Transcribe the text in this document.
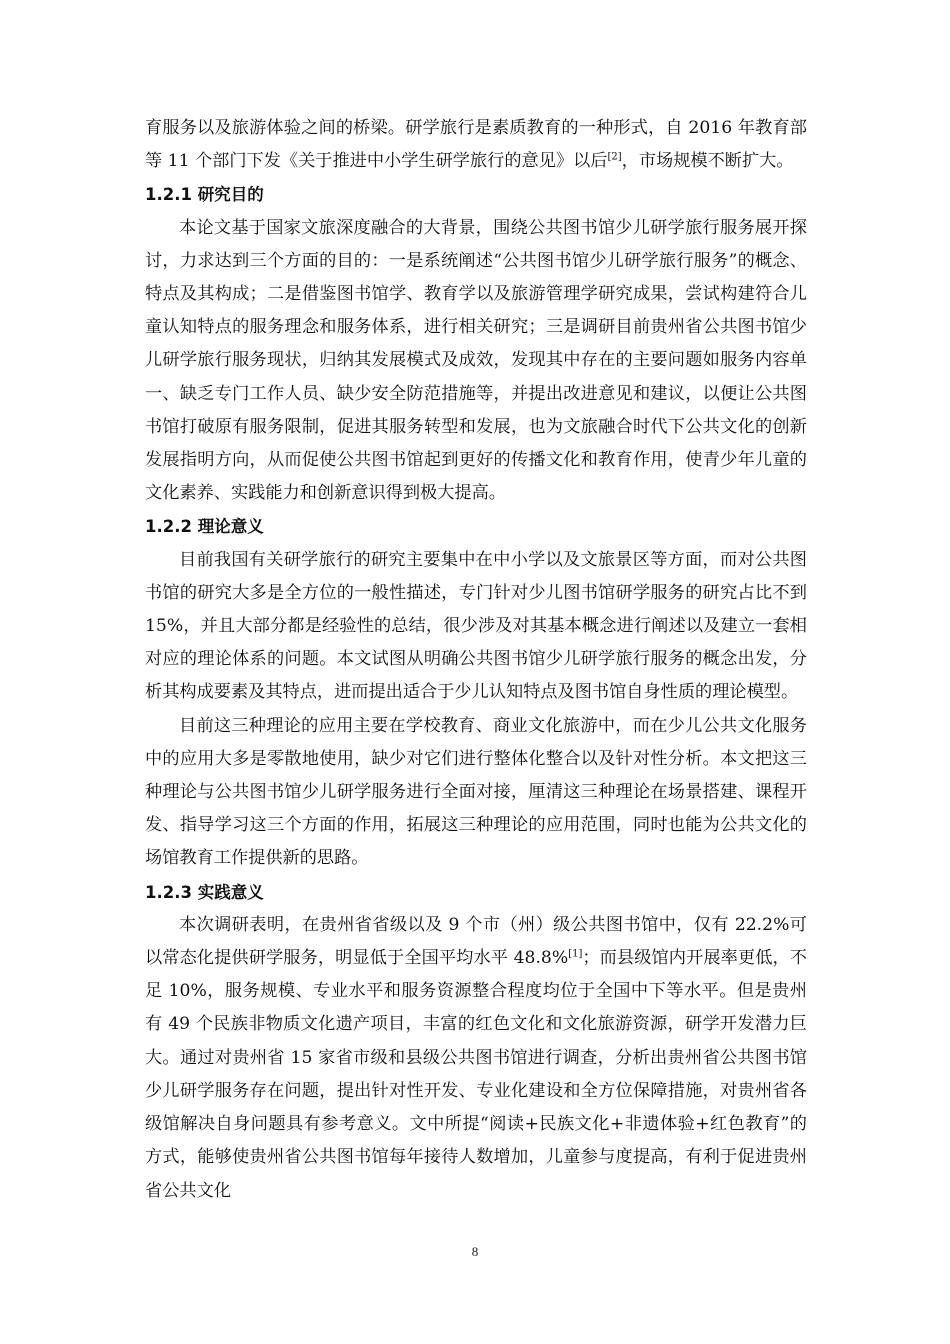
育服务以及旅游体验之间的桥梁。研学旅行是素质教育的一种形式，自 2016 年教育部等 11 个部门下发《关于推进中小学生研学旅行的意见》以后[2]，市场规模不断扩大。

1.2.1 研究目的

本论文基于国家文旅深度融合的大背景，围绕公共图书馆少儿研学旅行服务展开探讨，力求达到三个方面的目的：一是系统阐述“公共图书馆少儿研学旅行服务”的概念、特点及其构成；二是借鉴图书馆学、教育学以及旅游管理学研究成果，尝试构建符合儿童认知特点的服务理念和服务体系，进行相关研究；三是调研目前贵州省公共图书馆少儿研学旅行服务现状，归纳其发展模式及成效，发现其中存在的主要问题如服务内容单一、缺乏专门工作人员、缺少安全防范措施等，并提出改进意见和建议，以便让公共图书馆打破原有服务限制，促进其服务转型和发展，也为文旅融合时代下公共文化的创新发展指明方向，从而促使公共图书馆起到更好的传播文化和教育作用，使青少年儿童的文化素养、实践能力和创新意识得到极大提高。

1.2.2 理论意义

目前我国有关研学旅行的研究主要集中在中小学以及文旅景区等方面，而对公共图书馆的研究大多是全方位的一般性描述，专门针对少儿图书馆研学服务的研究占比不到 15%，并且大部分都是经验性的总结，很少涉及对其基本概念进行阐述以及建立一套相对应的理论体系的问题。本文试图从明确公共图书馆少儿研学旅行服务的概念出发，分析其构成要素及其特点，进而提出适合于少儿认知特点及图书馆自身性质的理论模型。

目前这三种理论的应用主要在学校教育、商业文化旅游中，而在少儿公共文化服务中的应用大多是零散地使用，缺少对它们进行整体化整合以及针对性分析。本文把这三种理论与公共图书馆少儿研学服务进行全面对接，厘清这三种理论在场景搭建、课程开发、指导学习这三个方面的作用，拓展这三种理论的应用范围，同时也能为公共文化的场馆教育工作提供新的思路。

1.2.3 实践意义

本次调研表明，在贵州省省级以及 9 个市（州）级公共图书馆中，仅有 22.2%可以常态化提供研学服务，明显低于全国平均水平 48.8%[1]；而县级馆内开展率更低，不足 10%，服务规模、专业水平和服务资源整合程度均位于全国中下等水平。但是贵州有 49 个民族非物质文化遗产项目，丰富的红色文化和文化旅游资源，研学开发潜力巨大。通过对贵州省 15 家省市级和县级公共图书馆进行调查，分析出贵州省公共图书馆少儿研学服务存在问题，提出针对性开发、专业化建设和全方位保障措施，对贵州省各级馆解决自身问题具有参考意义。文中所提“阅读+民族文化+非遗体验+红色教育”的方式，能够使贵州省公共图书馆每年接待人数增加，儿童参与度提高，有利于促进贵州省公共文化

8
